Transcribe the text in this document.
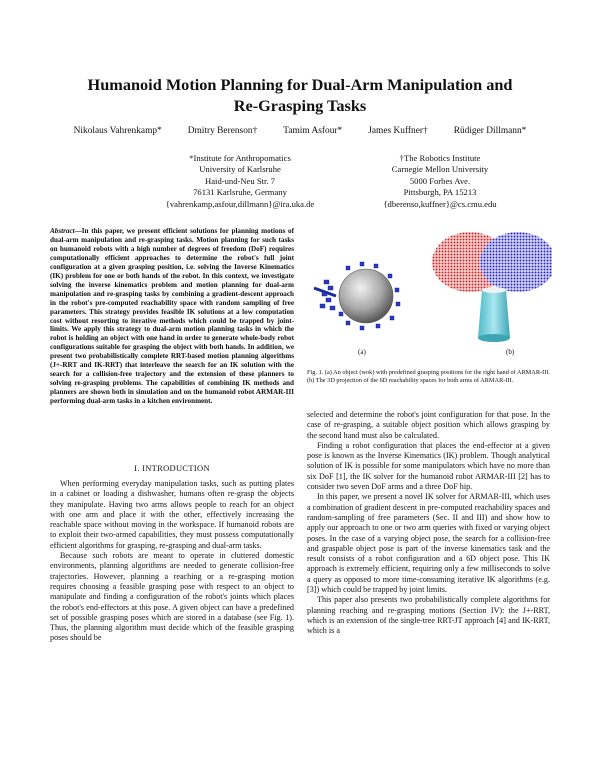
Humanoid Motion Planning for Dual-Arm Manipulation and
Re-Grasping Tasks
Nikolaus Vahrenkamp*	Dmitry Berenson†	Tamim Asfour*	James Kuffner†	Rüdiger Dillmann*
*Institute for Anthropomatics
University of Karlsruhe
Haid-und-Neu Str. 7
76131 Karlsruhe, Germany
{vahrenkamp,asfour,dillmann}@ira.uka.de
†The Robotics Institute
Carnegie Mellon University
5000 Forbes Ave.
Pittsburgh, PA 15213
{dberenso,kuffner}@cs.cmu.edu
Abstract—In this paper, we present efficient solutions for planning motions of dual-arm manipulation and re-grasping tasks. Motion planning for such tasks on humanoid robots with a high number of degrees of freedom (DoF) requires computationally efficient approaches to determine the robot's full joint configuration at a given grasping position, i.e. solving the Inverse Kinematics (IK) problem for one or both hands of the robot. In this context, we investigate solving the inverse kinematics problem and motion planning for dual-arm manipulation and re-grasping tasks by combining a gradient-descent approach in the robot's pre-computed reachability space with random sampling of free parameters. This strategy provides feasible IK solutions at a low computation cost without resorting to iterative methods which could be trapped by joint-limits. We apply this strategy to dual-arm motion planning tasks in which the robot is holding an object with one hand in order to generate whole-body robot configurations suitable for grasping the object with both hands. In addition, we present two probabilistically complete RRT-based motion planning algorithms (J+-RRT and IK-RRT) that interleave the search for an IK solution with the search for a collision-free trajectory and the extension of these planners to solving re-grasping problems. The capabilities of combining IK methods and planners are shown both in simulation and on the humanoid robot ARMAR-III performing dual-arm tasks in a kitchen environment.
I. INTRODUCTION

When performing everyday manipulation tasks, such as putting plates in a cabinet or loading a dishwasher, humans often re-grasp the objects they manipulate. Having two arms allows people to reach for an object with one arm and place it with the other, effectively increasing the reachable space without moving in the workspace. If humanoid robots are to exploit their two-armed capabilities, they must possess computationally efficient algorithms for grasping, re-grasping and dual-arm tasks.

Because such robots are meant to operate in cluttered domestic environments, planning algorithms are needed to generate collision-free trajectories. However, planning a reaching or a re-grasping motion requires choosing a feasible grasping pose with respect to an object to manipulate and finding a configuration of the robot's joints which places the robot's end-effectors at this pose. A given object can have a predefined set of possible grasping poses which are stored in a database (see Fig. 1). Thus, the planning algorithm must decide which of the feasible grasping poses should be

(a)	(b)
Fig. 1. (a) An object (wok) with predefined grasping positions for the right hand of ARMAR-III. (b) The 3D projection of the 6D reachability spaces for both arms of ARMAR-III.

selected and determine the robot's joint configuration for that pose. In the case of re-grasping, a suitable object position which allows grasping by the second hand must also be calculated.

Finding a robot configuration that places the end-effector at a given pose is known as the Inverse Kinematics (IK) problem. Though analytical solution of IK is possible for some manipulators which have no more than six DoF [1], the IK solver for the humanoid robot ARMAR-III [2] has to consider two seven DoF arms and a three DoF hip.

In this paper, we present a novel IK solver for ARMAR-III, which uses a combination of gradient descent in pre-computed reachability spaces and random-sampling of free parameters (Sec. II and III) and show how to apply our approach to one or two arm queries with fixed or varying object poses. In the case of a varying object pose, the search for a collision-free and graspable object pose is part of the inverse kinematics task and the result consists of a robot configuration and a 6D object pose. This IK approach is extremely efficient, requiring only a few milliseconds to solve a query as opposed to more time-consuming iterative IK algorithms (e.g. [3]) which could be trapped by joint limits.

This paper also presents two probabilistically complete algorithms for planning reaching and re-grasping motions (Section IV): the J+-RRT, which is an extension of the single-tree RRT-JT approach [4] and IK-RRT, which is a
